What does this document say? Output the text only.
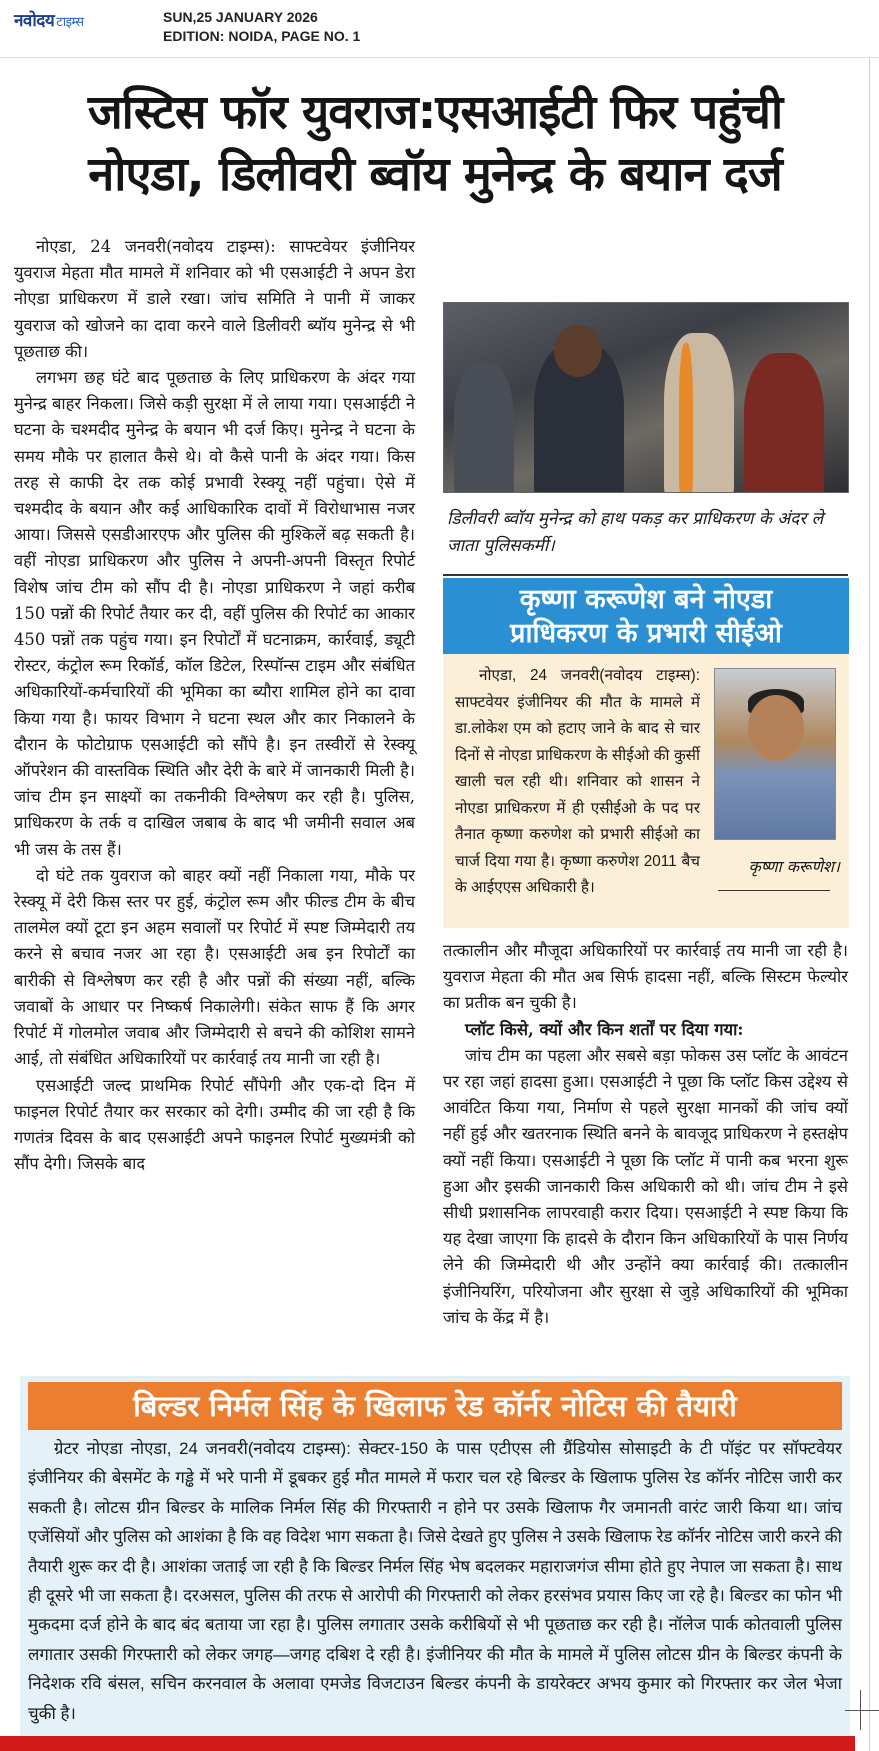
नवोदय टाइम्स	SUN,25 JANUARY 2026
EDITION: NOIDA, PAGE NO. 1
जस्टिस फॉर युवराज:एसआईटी फिर पहुंची
नोएडा, डिलीवरी ब्वॉय मुनेन्द्र के बयान दर्ज

नोएडा, 24 जनवरी(नवोदय टाइम्स): साफ्टवेयर इंजीनियर युवराज मेहता मौत मामले में शनिवार को भी एसआईटी ने अपन डेरा नोएडा प्राधिकरण में डाले रखा। जांच समिति ने पानी में जाकर युवराज को खोजने का दावा करने वाले डिलीवरी ब्यॉय मुनेन्द्र से भी पूछताछ की।

लगभग छह घंटे बाद पूछताछ के लिए प्राधिकरण के अंदर गया मुनेन्द्र बाहर निकला। जिसे कड़ी सुरक्षा में ले लाया गया। एसआईटी ने घटना के चश्मदीद मुनेन्द्र के बयान भी दर्ज किए। मुनेन्द्र ने घटना के समय मौके पर हालात कैसे थे। वो कैसे पानी के अंदर गया। किस तरह से काफी देर तक कोई प्रभावी रेस्क्यू नहीं पहुंचा। ऐसे में चश्मदीद के बयान और कई आधिकारिक दावों में विरोधाभास नजर आया। जिससे एसडीआरएफ और पुलिस की मुश्किलें बढ़ सकती है। वहीं नोएडा प्राधिकरण और पुलिस ने अपनी-अपनी विस्तृत रिपोर्ट विशेष जांच टीम को सौंप दी है। नोएडा प्राधिकरण ने जहां करीब 150 पन्नों की रिपोर्ट तैयार कर दी, वहीं पुलिस की रिपोर्ट का आकार 450 पन्नों तक पहुंच गया। इन रिपोर्टों में घटनाक्रम, कार्रवाई, ड्यूटी रोस्टर, कंट्रोल रूम रिकॉर्ड, कॉल डिटेल, रिस्पॉन्स टाइम और संबंधित अधिकारियों-कर्मचारियों की भूमिका का ब्यौरा शामिल होने का दावा किया गया है। फायर विभाग ने घटना स्थल और कार निकालने के दौरान के फोटोग्राफ एसआईटी को सौंपे है। इन तस्वीरों से रेस्क्यू ऑपरेशन की वास्तविक स्थिति और देरी के बारे में जानकारी मिली है। जांच टीम इन साक्ष्यों का तकनीकी विश्लेषण कर रही है। पुलिस, प्राधिकरण के तर्क व दाखिल जबाब के बाद भी जमीनी सवाल अब भी जस के तस हैं।

दो घंटे तक युवराज को बाहर क्यों नहीं निकाला गया, मौके पर रेस्क्यू में देरी किस स्तर पर हुई, कंट्रोल रूम और फील्ड टीम के बीच तालमेल क्यों टूटा इन अहम सवालों पर रिपोर्ट में स्पष्ट जिम्मेदारी तय करने से बचाव नजर आ रहा है। एसआईटी अब इन रिपोर्टों का बारीकी से विश्लेषण कर रही है और पन्नों की संख्या नहीं, बल्कि जवाबों के आधार पर निष्कर्ष निकालेगी। संकेत साफ हैं कि अगर रिपोर्ट में गोलमोल जवाब और जिम्मेदारी से बचने की कोशिश सामने आई, तो संबंधित अधिकारियों पर कार्रवाई तय मानी जा रही है।

एसआईटी जल्द प्राथमिक रिपोर्ट सौंपेगी और एक-दो दिन में फाइनल रिपोर्ट तैयार कर सरकार को देगी। उम्मीद की जा रही है कि गणतंत्र दिवस के बाद एसआईटी अपने फाइनल रिपोर्ट मुख्यमंत्री को सौंप देगी। जिसके बाद

डिलीवरी ब्वॉय मुनेन्द्र को हाथ पकड़ कर प्राधिकरण के अंदर ले जाता पुलिसकर्मी।
कृष्णा करूणेश बने नोएडा
प्राधिकरण के प्रभारी सीईओ

नोएडा, 24 जनवरी(नवोदय टाइम्स): साफ्टवेयर इंजीनियर की मौत के मामले में डा.लोकेश एम को हटाए जाने के बाद से चार दिनों से नोएडा प्राधिकरण के सीईओ की कुर्सी खाली चल रही थी। शनिवार को शासन ने नोएडा प्राधिकरण में ही एसीईओ के पद पर तैनात कृष्णा करुणेश को प्रभारी सीईओ का चार्ज दिया गया है। कृष्णा करुणेश 2011 बैच के आईएएस अधिकारी है।

कृष्णा करूणेश।

तत्कालीन और मौजूदा अधिकारियों पर कार्रवाई तय मानी जा रही है। युवराज मेहता की मौत अब सिर्फ हादसा नहीं, बल्कि सिस्टम फेल्योर का प्रतीक बन चुकी है।

प्लॉट किसे, क्यों और किन शर्तों पर दिया गया:

जांच टीम का पहला और सबसे बड़ा फोकस उस प्लॉट के आवंटन पर रहा जहां हादसा हुआ। एसआईटी ने पूछा कि प्लॉट किस उद्देश्य से आवंटित किया गया, निर्माण से पहले सुरक्षा मानकों की जांच क्यों नहीं हुई और खतरनाक स्थिति बनने के बावजूद प्राधिकरण ने हस्तक्षेप क्यों नहीं किया। एसआईटी ने पूछा कि प्लॉट में पानी कब भरना शुरू हुआ और इसकी जानकारी किस अधिकारी को थी। जांच टीम ने इसे सीधी प्रशासनिक लापरवाही करार दिया। एसआईटी ने स्पष्ट किया कि यह देखा जाएगा कि हादसे के दौरान किन अधिकारियों के पास निर्णय लेने की जिम्मेदारी थी और उन्होंने क्या कार्रवाई की। तत्कालीन इंजीनियरिंग, परियोजना और सुरक्षा से जुड़े अधिकारियों की भूमिका जांच के केंद्र में है।

बिल्डर निर्मल सिंह के खिलाफ रेड कॉर्नर नोटिस की तैयारी

ग्रेटर नोएडा नोएडा, 24 जनवरी(नवोदय टाइम्स): सेक्टर-150 के पास एटीएस ली ग्रैंडियोस सोसाइटी के टी पॉइंट पर सॉफ्टवेयर इंजीनियर की बेसमेंट के गड्ढे में भरे पानी में डूबकर हुई मौत मामले में फरार चल रहे बिल्डर के खिलाफ पुलिस रेड कॉर्नर नोटिस जारी कर सकती है। लोटस ग्रीन बिल्डर के मालिक निर्मल सिंह की गिरफ्तारी न होने पर उसके खिलाफ गैर जमानती वारंट जारी किया था। जांच एजेंसियों और पुलिस को आशंका है कि वह विदेश भाग सकता है। जिसे देखते हुए पुलिस ने उसके खिलाफ रेड कॉर्नर नोटिस जारी करने की तैयारी शुरू कर दी है। आशंका जताई जा रही है कि बिल्डर निर्मल सिंह भेष बदलकर महाराजगंज सीमा होते हुए नेपाल जा सकता है। साथ ही दूसरे भी जा सकता है। दरअसल, पुलिस की तरफ से आरोपी की गिरफ्तारी को लेकर हरसंभव प्रयास किए जा रहे है। बिल्डर का फोन भी मुकदमा दर्ज होने के बाद बंद बताया जा रहा है। पुलिस लगातार उसके करीबियों से भी पूछताछ कर रही है। नॉलेज पार्क कोतवाली पुलिस लगातार उसकी गिरफ्तारी को लेकर जगह—जगह दबिश दे रही है। इंजीनियर की मौत के मामले में पुलिस लोटस ग्रीन के बिल्डर कंपनी के निदेशक रवि बंसल, सचिन करनवाल के अलावा एमजेड विजटाउन बिल्डर कंपनी के डायरेक्टर अभय कुमार को गिरफ्तार कर जेल भेजा चुकी है।
